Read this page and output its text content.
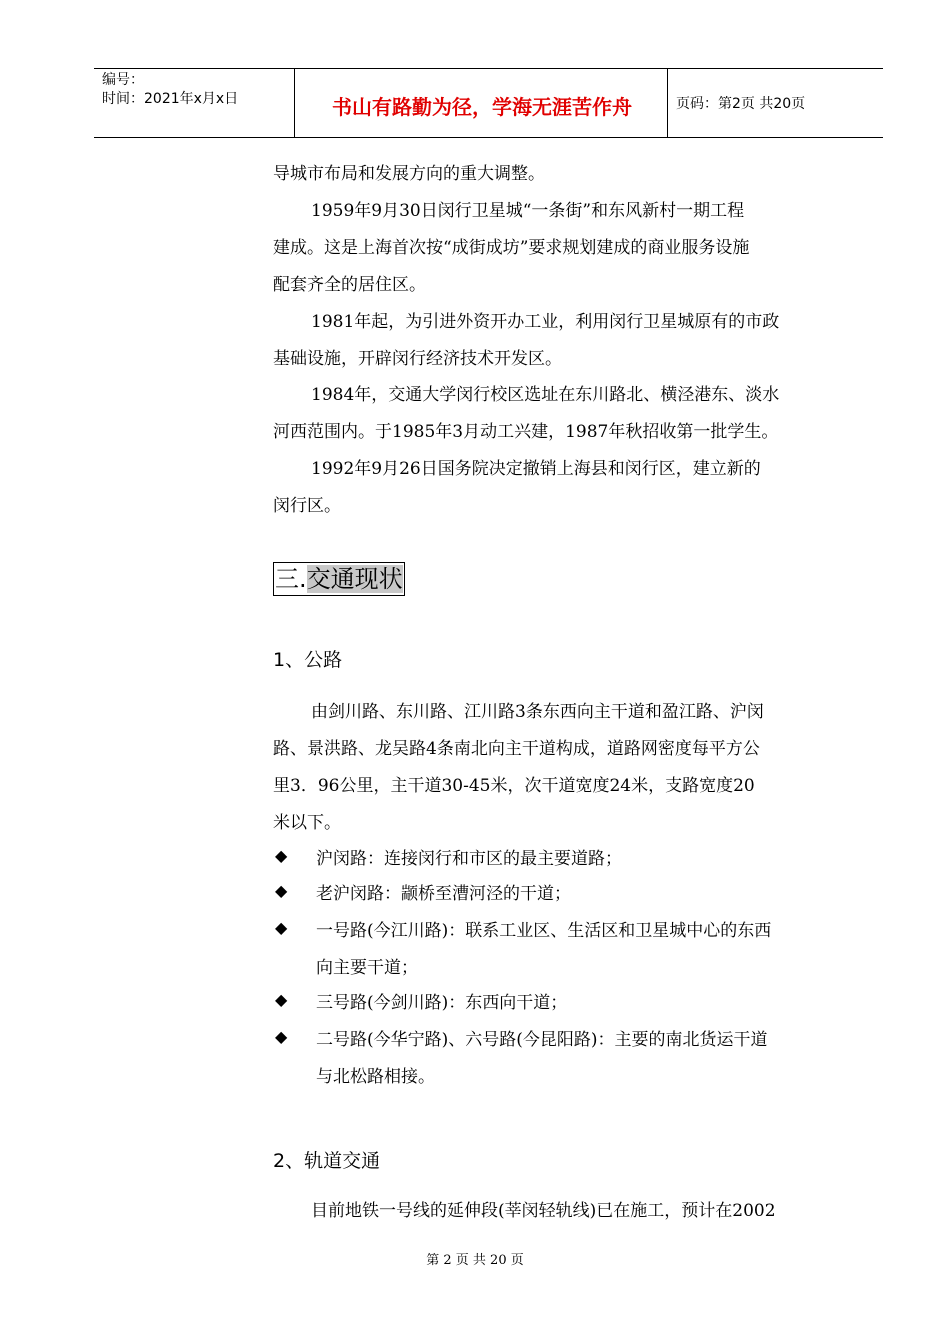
编号：
时间：2021年x月x日	书山有路勤为径，学海无涯苦作舟	页码：第2页 共20页
导城市布局和发展方向的重大调整。
1959年9月30日闵行卫星城“一条街”和东风新村一期工程
建成。这是上海首次按“成街成坊”要求规划建成的商业服务设施
配套齐全的居住区。
1981年起，为引进外资开办工业，利用闵行卫星城原有的市政
基础设施，开辟闵行经济技术开发区。
1984年，交通大学闵行校区选址在东川路北、横泾港东、淡水
河西范围内。于1985年3月动工兴建，1987年秋招收第一批学生。
1992年9月26日国务院决定撤销上海县和闵行区，建立新的
闵行区。
三.交通现状
1、公路
由剑川路、东川路、江川路3条东西向主干道和盈江路、沪闵
路、景洪路、龙吴路4条南北向主干道构成，道路网密度每平方公
里3．96公里，主干道30-45米，次干道宽度24米，支路宽度20
米以下。
◆ 沪闵路：连接闵行和市区的最主要道路；
◆ 老沪闵路：颛桥至漕河泾的干道；
◆ 一号路(今江川路)：联系工业区、生活区和卫星城中心的东西
向主要干道；
◆ 三号路(今剑川路)：东西向干道；
◆ 二号路(今华宁路)、六号路(今昆阳路)：主要的南北货运干道
与北松路相接。
2、轨道交通
目前地铁一号线的延伸段(莘闵轻轨线)已在施工，预计在2002
第 2 页 共 20 页
